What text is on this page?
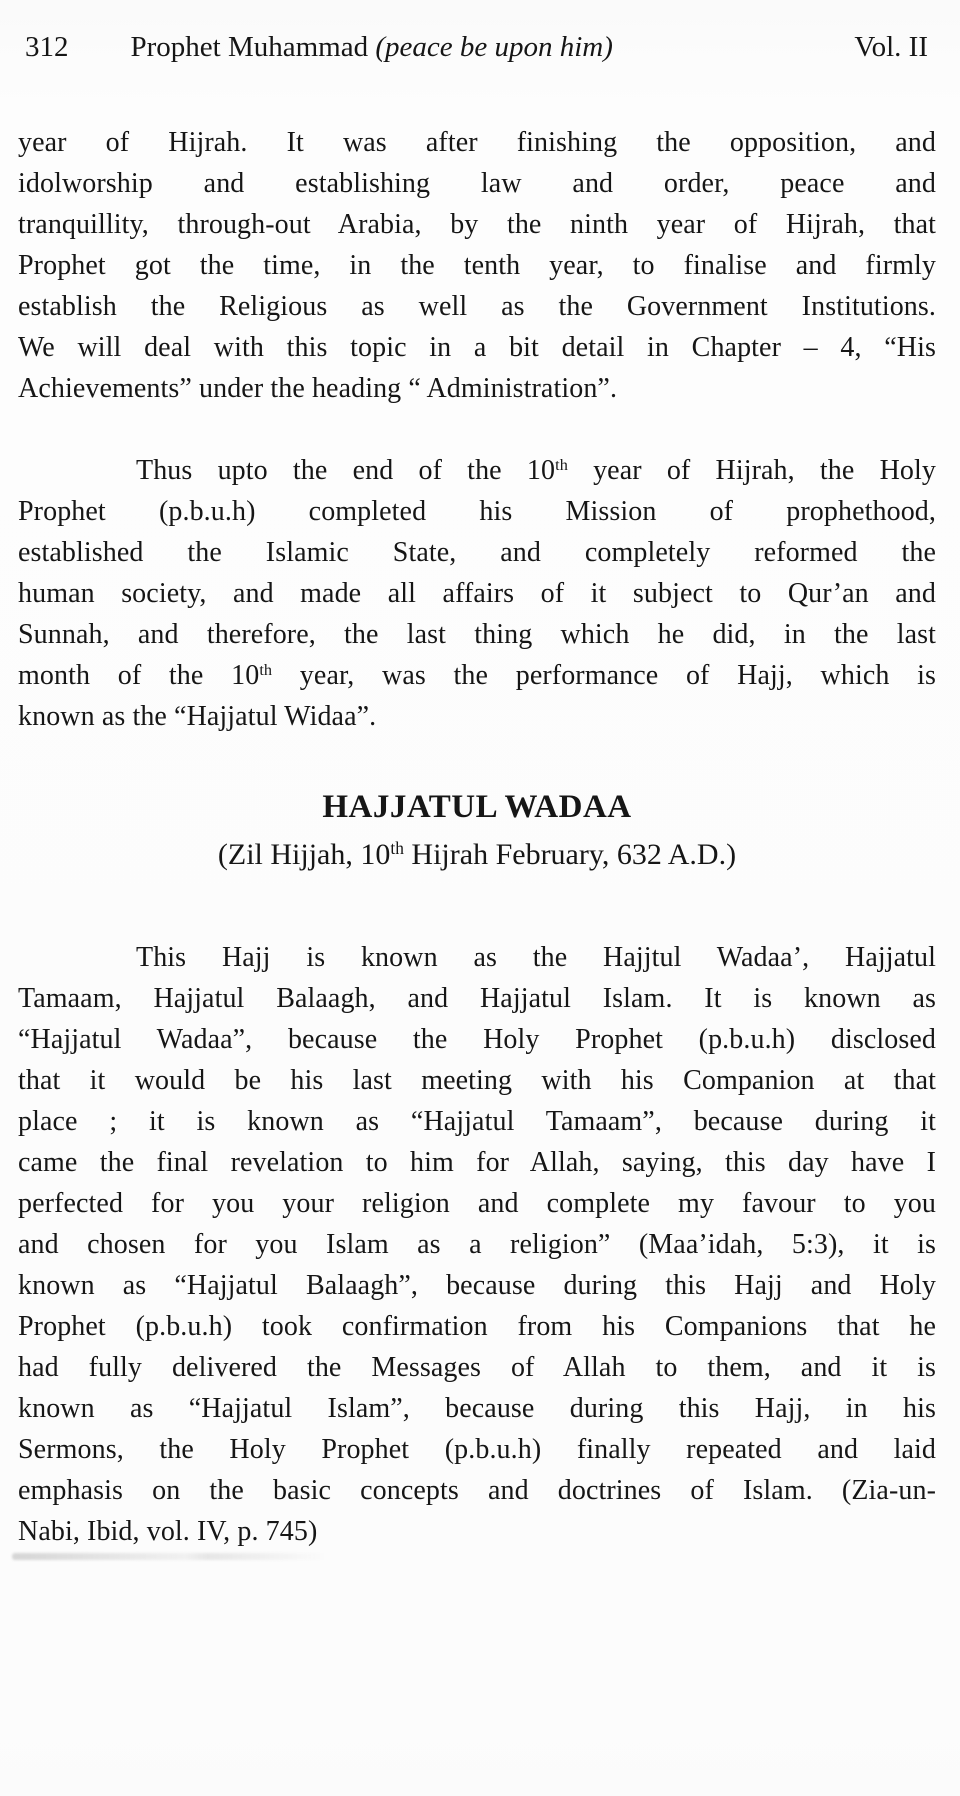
312 Prophet Muhammad (peace be upon him)	Vol. II
year of Hijrah. It was after finishing the opposition, and
idolworship and establishing law and order, peace and
tranquillity, through-out Arabia, by the ninth year of Hijrah, that
Prophet got the time, in the tenth year, to finalise and firmly
establish the Religious as well as the Government Institutions.
We will deal with this topic in a bit detail in Chapter – 4, “His
Achievements” under the heading “ Administration”.
Thus upto the end of the 10th year of Hijrah, the Holy
Prophet (p.b.u.h) completed his Mission of prophethood,
established the Islamic State, and completely reformed the
human society, and made all affairs of it subject to Qur’an and
Sunnah, and therefore, the last thing which he did, in the last
month of the 10th year, was the performance of Hajj, which is
known as the “Hajjatul Widaa”.
HAJJATUL WADAA
(Zil Hijjah, 10th Hijrah February, 632 A.D.)
This Hajj is known as the Hajjtul Wadaa’, Hajjatul
Tamaam, Hajjatul Balaagh, and Hajjatul Islam. It is known as
“Hajjatul Wadaa”, because the Holy Prophet (p.b.u.h) disclosed
that it would be his last meeting with his Companion at that
place ; it is known as “Hajjatul Tamaam”, because during it
came the final revelation to him for Allah, saying, this day have I
perfected for you your religion and complete my favour to you
and chosen for you Islam as a religion” (Maa’idah, 5:3), it is
known as “Hajjatul Balaagh”, because during this Hajj and Holy
Prophet (p.b.u.h) took confirmation from his Companions that he
had fully delivered the Messages of Allah to them, and it is
known as “Hajjatul Islam”, because during this Hajj, in his
Sermons, the Holy Prophet (p.b.u.h) finally repeated and laid
emphasis on the basic concepts and doctrines of Islam. (Zia-un-
Nabi, Ibid, vol. IV, p. 745)
